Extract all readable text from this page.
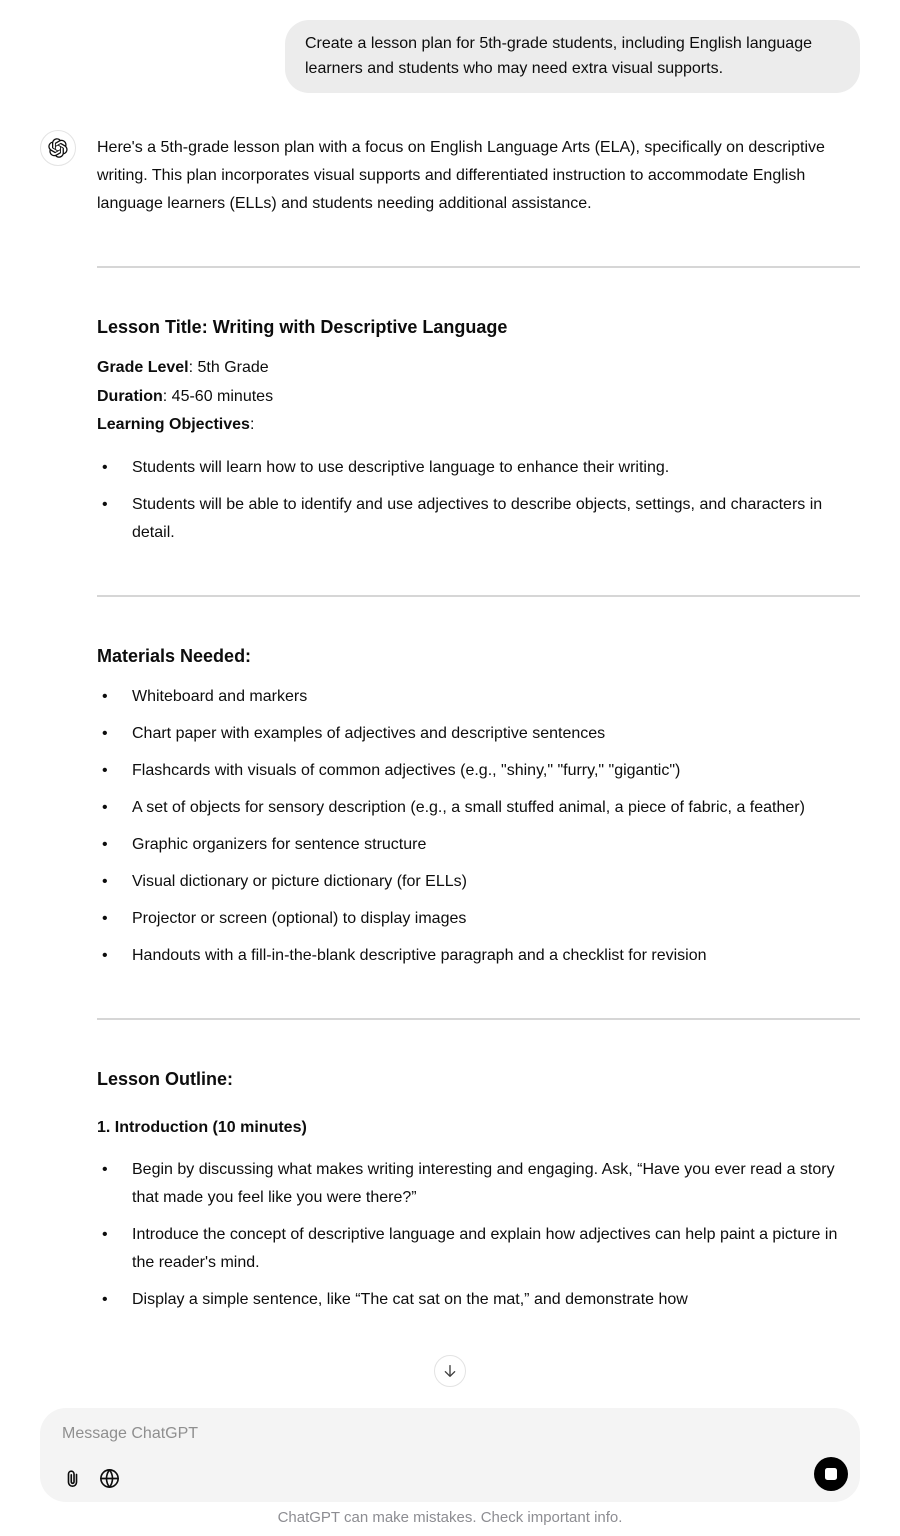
Create a lesson plan for 5th-grade students, including English language learners and students who may need extra visual supports.

Here's a 5th-grade lesson plan with a focus on English Language Arts (ELA), specifically on descriptive writing. This plan incorporates visual supports and differentiated instruction to accommodate English language learners (ELLs) and students needing additional assistance.

Lesson Title: Writing with Descriptive Language

Grade Level: 5th Grade
Duration: 45-60 minutes
Learning Objectives:

• Students will learn how to use descriptive language to enhance their writing.
• Students will be able to identify and use adjectives to describe objects, settings, and characters in detail.
Materials Needed:
• Whiteboard and markers
• Chart paper with examples of adjectives and descriptive sentences
• Flashcards with visuals of common adjectives (e.g., "shiny," "furry," "gigantic")
• A set of objects for sensory description (e.g., a small stuffed animal, a piece of fabric, a feather)
• Graphic organizers for sentence structure
• Visual dictionary or picture dictionary (for ELLs)
• Projector or screen (optional) to display images
• Handouts with a fill-in-the-blank descriptive paragraph and a checklist for revision
Lesson Outline:
1. Introduction (10 minutes)
• Begin by discussing what makes writing interesting and engaging. Ask, “Have you ever read a story that made you feel like you were there?”
• Introduce the concept of descriptive language and explain how adjectives can help paint a picture in the reader's mind.
• Display a simple sentence, like “The cat sat on the mat,” and demonstrate how
Message ChatGPT
ChatGPT can make mistakes. Check important info.
